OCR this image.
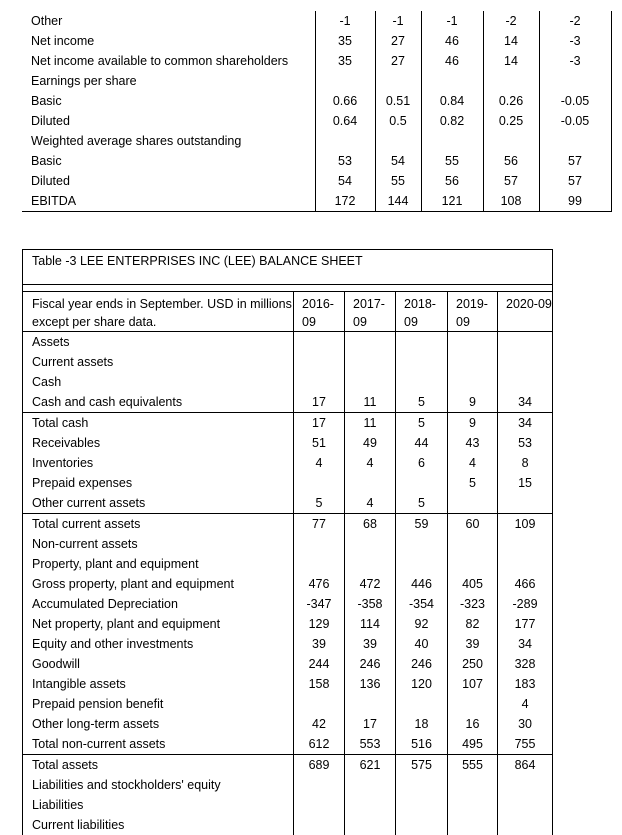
Other	-1	-1	-1	-2	-2
Net income	35	27	46	14	-3
Net income available to common shareholders	35	27	46	14	-3
Earnings per share					
Basic	0.66	0.51	0.84	0.26	-0.05
Diluted	0.64	0.5	0.82	0.25	-0.05
Weighted average shares outstanding					
Basic	53	54	55	56	57
Diluted	54	55	56	57	57
EBITDA	172	144	121	108	99
Table -3 LEE ENTERPRISES INC (LEE) BALANCE SHEET					

Fiscal year ends in September. USD in millions except per share data.	2016-09	2017-09	2018-09	2019-09	2020-09
Assets					
Current assets					
Cash					
Cash and cash equivalents	17	11	5	9	34
Total cash	17	11	5	9	34
Receivables	51	49	44	43	53
Inventories	4	4	6	4	8
Prepaid expenses				5	15
Other current assets	5	4	5		
Total current assets	77	68	59	60	109
Non-current assets					
Property, plant and equipment					
Gross property, plant and equipment	476	472	446	405	466
Accumulated Depreciation	-347	-358	-354	-323	-289
Net property, plant and equipment	129	114	92	82	177
Equity and other investments	39	39	40	39	34
Goodwill	244	246	246	250	328
Intangible assets	158	136	120	107	183
Prepaid pension benefit					4
Other long-term assets	42	17	18	16	30
Total non-current assets	612	553	516	495	755
Total assets	689	621	575	555	864
Liabilities and stockholders' equity					
Liabilities					
Current liabilities					
